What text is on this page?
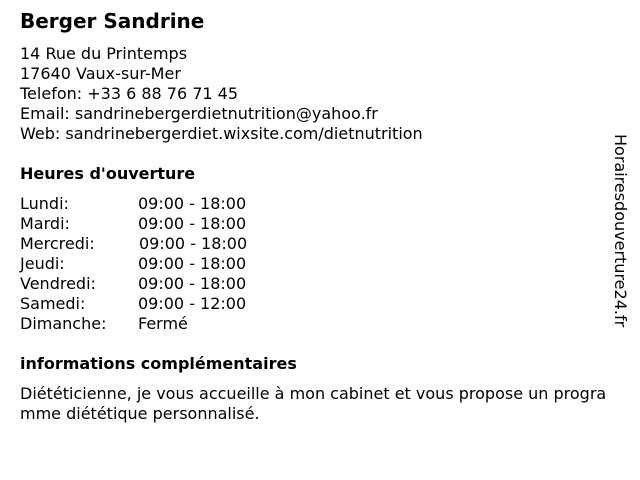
Berger Sandrine
14 Rue du Printemps
17640 Vaux-sur-Mer
Telefon: +33 6 88 76 71 45
Email: sandrinebergerdietnutrition@yahoo.fr
Web: sandrinebergerdiet.wixsite.com/dietnutrition
Heures d'ouverture
Lundi:	09:00 - 18:00
Mardi:	09:00 - 18:00
Mercredi:	09:00 - 18:00
Jeudi:	09:00 - 18:00
Vendredi:	09:00 - 18:00
Samedi:	09:00 - 12:00
Dimanche: Fermé
informations complémentaires
Diététicienne, je vous accueille à mon cabinet et vous propose un programme diététique personnalisé.
Horairesdouverture24.fr
